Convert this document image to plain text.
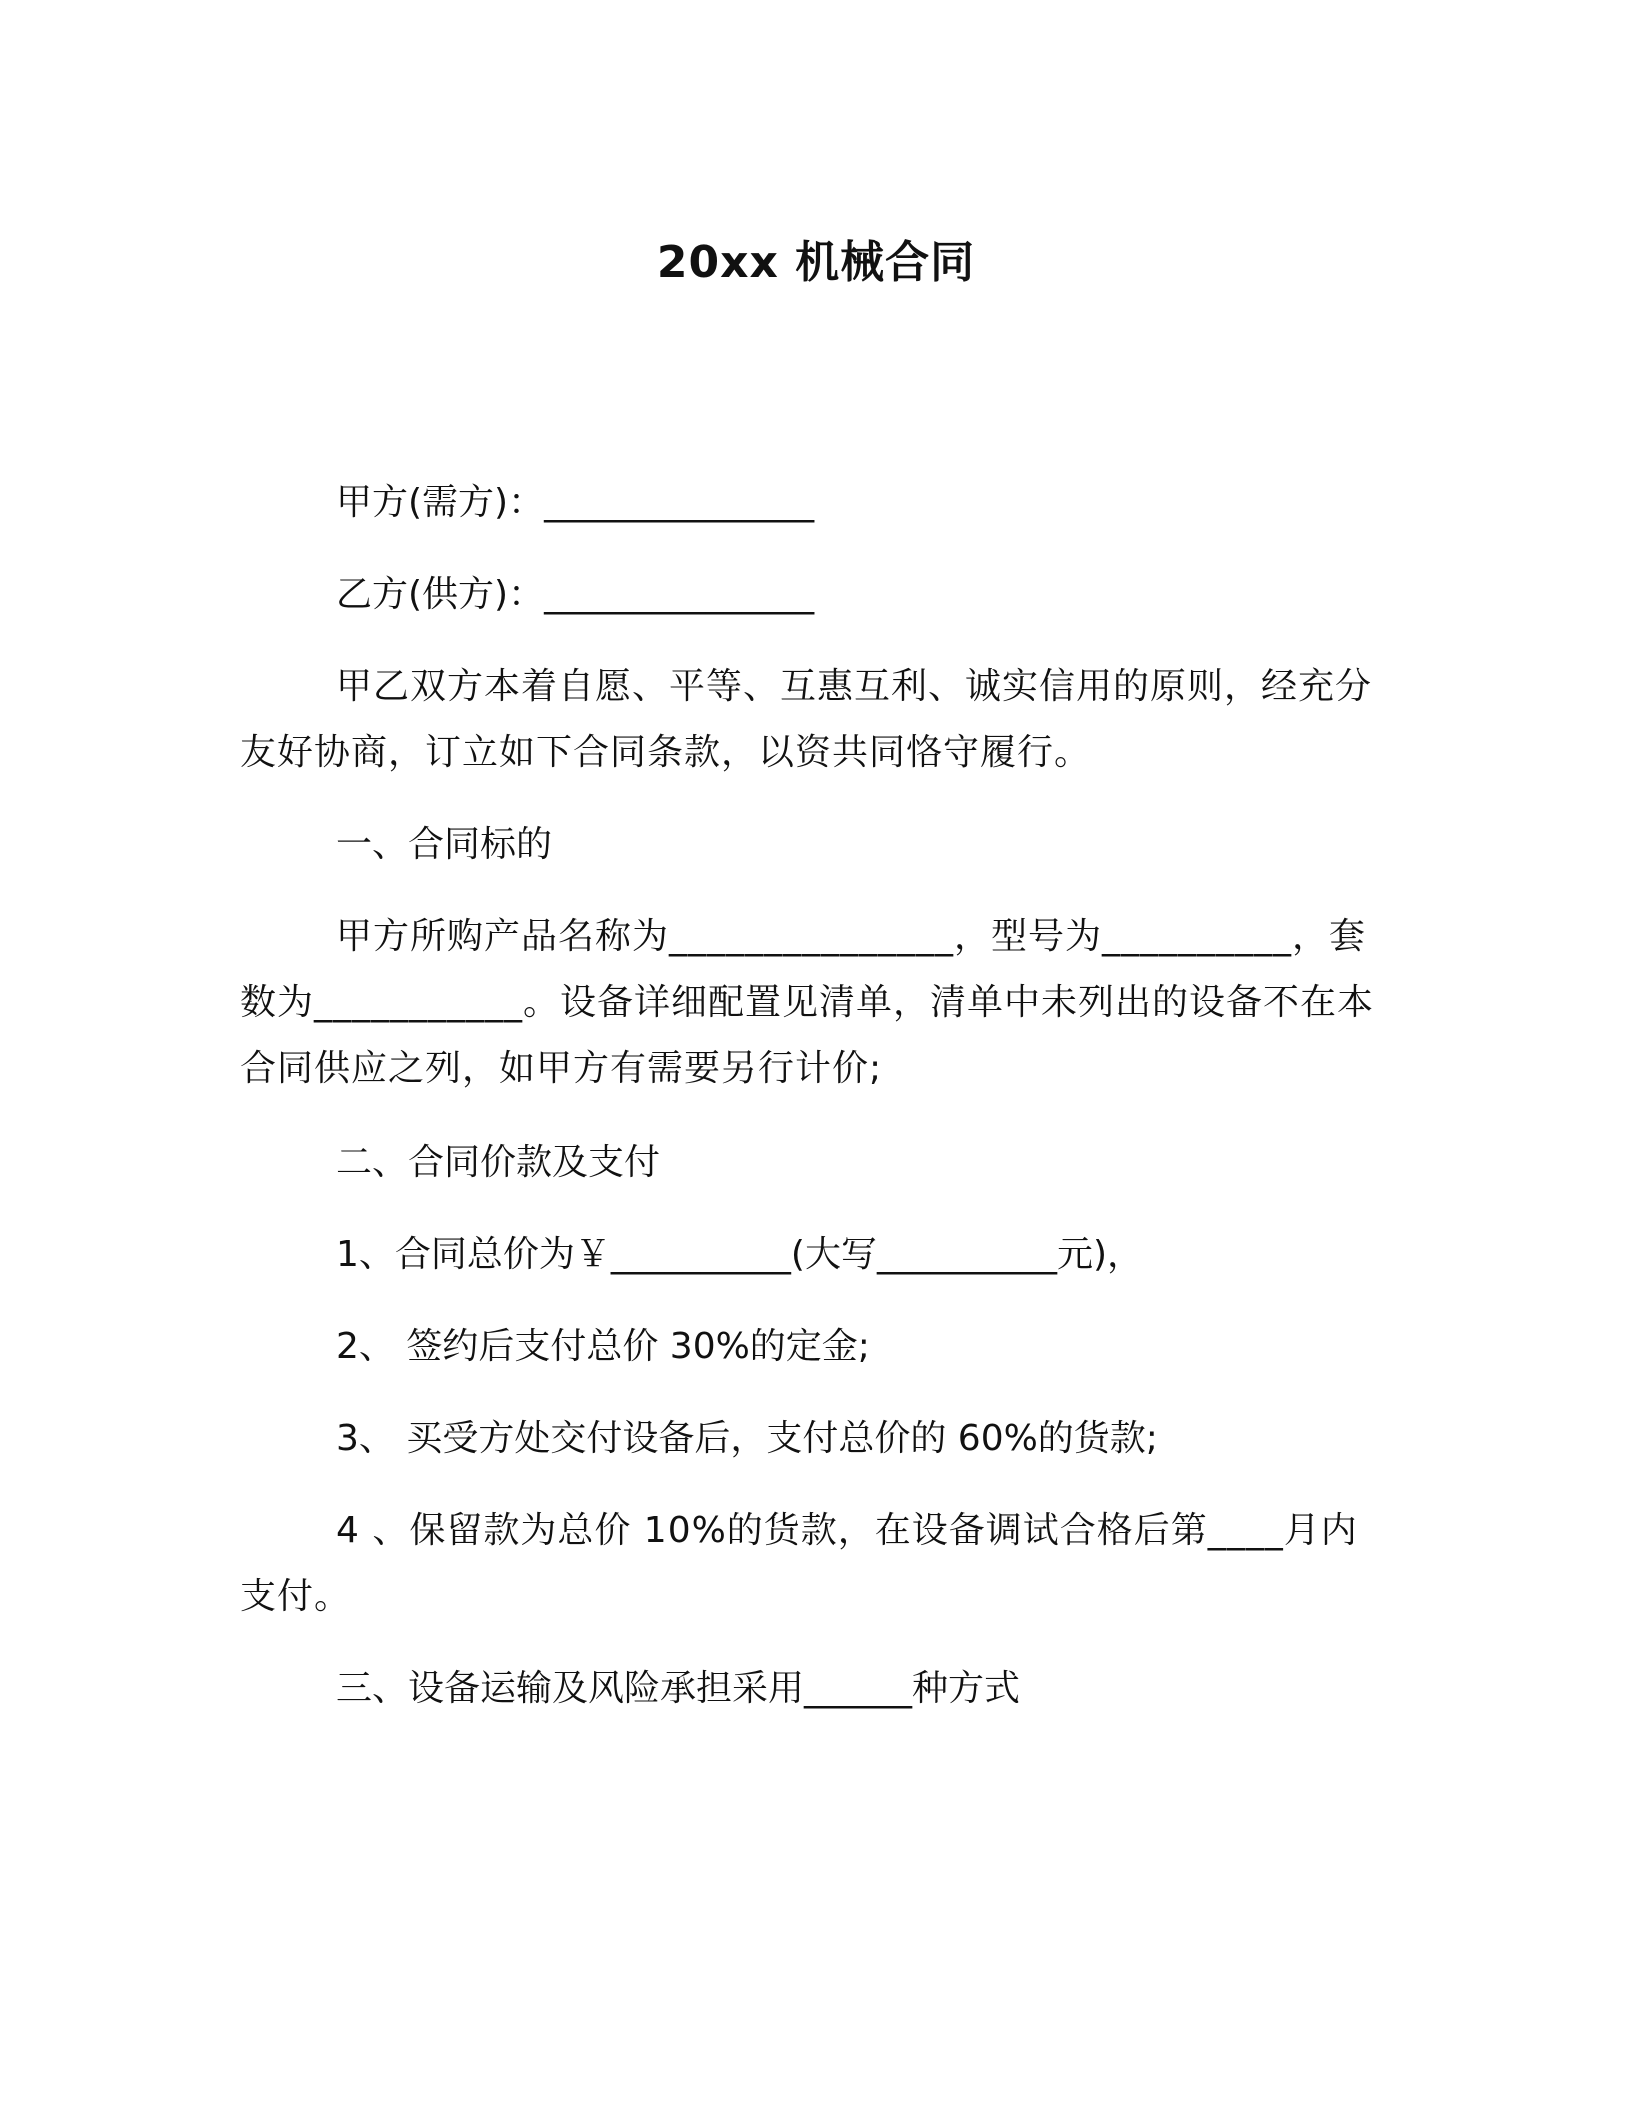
20xx 机械合同
甲方(需方)：_______________
乙方(供方)：_______________
甲乙双方本着自愿、平等、互惠互利、诚实信用的原则，经充分友好协商，订立如下合同条款，以资共同恪守履行。
一、合同标的
甲方所购产品名称为_______________，型号为__________，套数为___________。设备详细配置见清单，清单中未列出的设备不在本合同供应之列，如甲方有需要另行计价;
二、合同价款及支付
1、合同总价为￥__________(大写__________元)，
2、 签约后支付总价 30%的定金;
3、 买受方处交付设备后，支付总价的 60%的货款;
4 、保留款为总价 10%的货款，在设备调试合格后第____月内支付。
三、设备运输及风险承担采用______种方式
